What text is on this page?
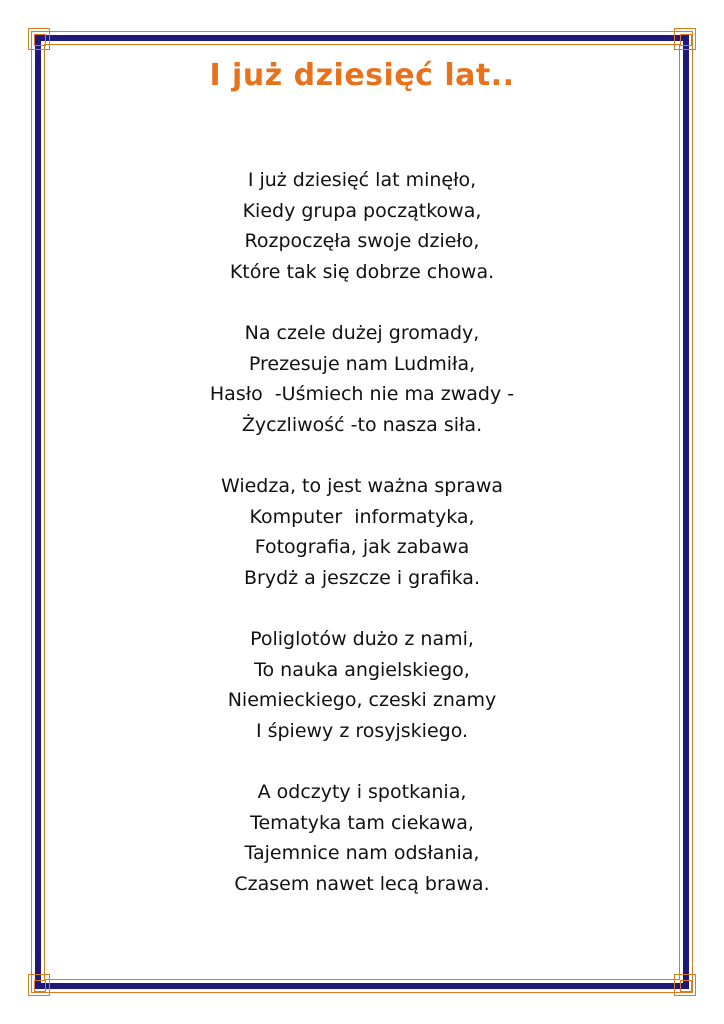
I już dziesięć lat..
I już dziesięć lat minęło,
Kiedy grupa początkowa,
Rozpoczęła swoje dzieło,
Które tak się dobrze chowa.
Na czele dużej gromady,
Prezesuje nam Ludmiła,
Hasło  -Uśmiech nie ma zwady -
Życzliwość -to nasza siła.
Wiedza, to jest ważna sprawa
Komputer  informatyka,
Fotografia, jak zabawa
Brydż a jeszcze i grafika.
Poliglotów dużo z nami,
To nauka angielskiego,
Niemieckiego, czeski znamy
I śpiewy z rosyjskiego.
A odczyty i spotkania,
Tematyka tam ciekawa,
Tajemnice nam odsłania,
Czasem nawet lecą brawa.
